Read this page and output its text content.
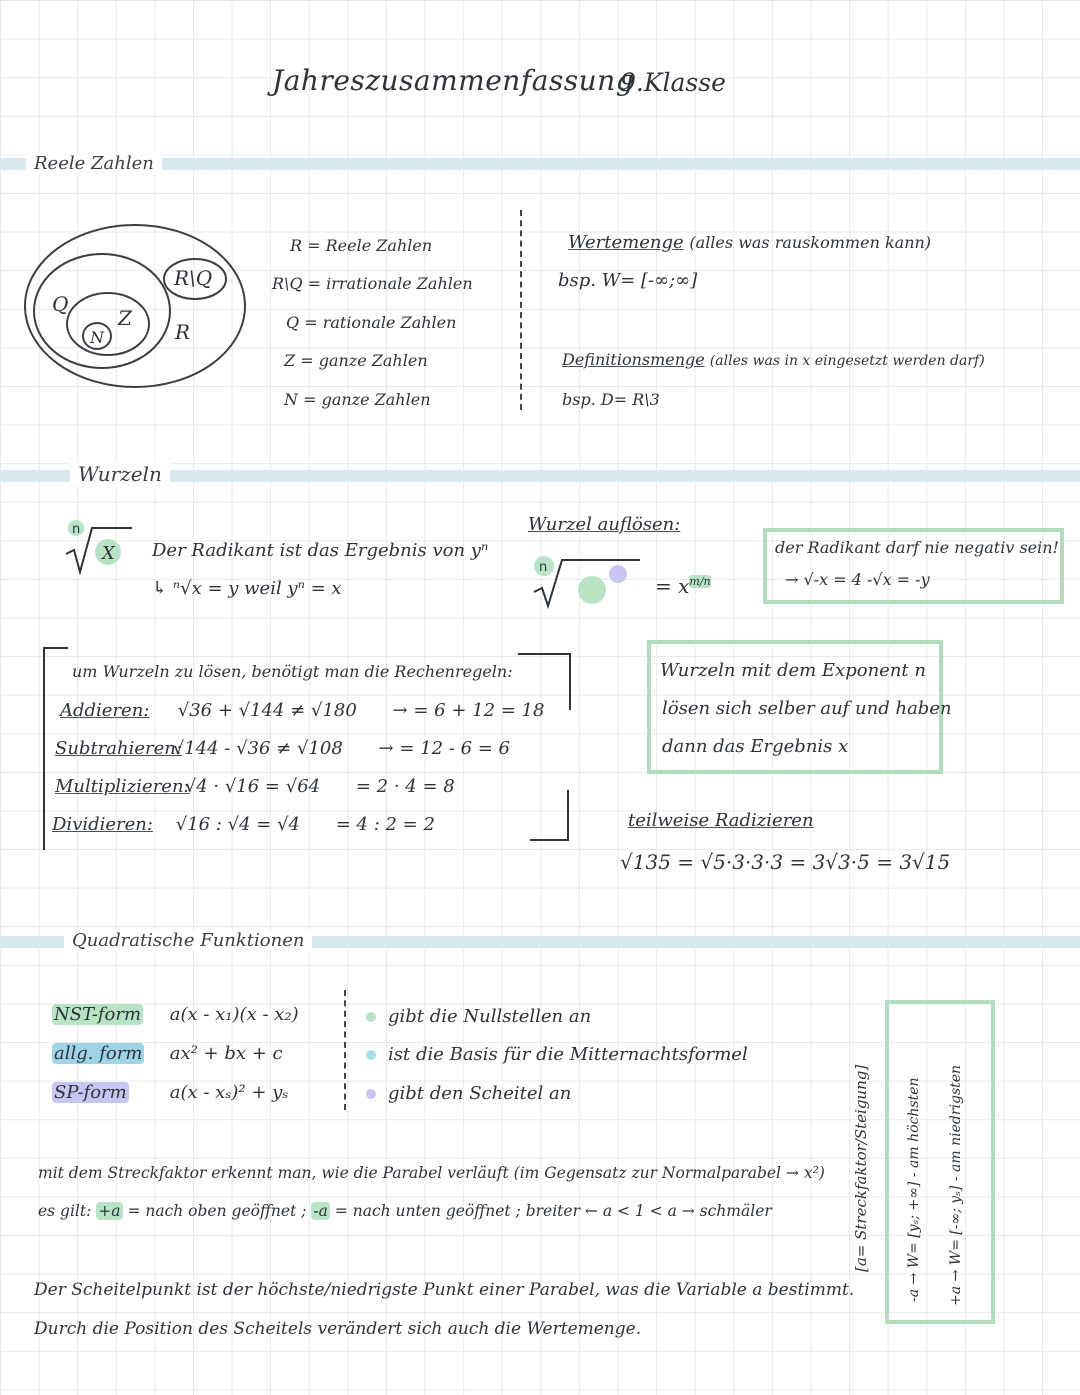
Jahreszusammenfassung
9.Klasse
Reele Zahlen
Q
N
Z
R\Q
R
R = Reele Zahlen
R\Q = irrationale Zahlen
Q = rationale Zahlen
Z = ganze Zahlen
N = ganze Zahlen
Wertemenge (alles was rauskommen kann)
bsp. W= [-∞;∞]
Definitionsmenge (alles was in x eingesetzt werden darf)
bsp. D= R\3
Wurzeln
n
X Der Radikant ist das Ergebnis von yⁿ
↳ ⁿ√x = y weil yⁿ = x
Wurzel auflösen:
n
= $x^{m/n}$
der Radikant darf nie negativ sein!
→ √-x = 4 -√x = -y
um Wurzeln zu lösen, benötigt man die Rechenregeln:
Addieren: √36 + √144 ≠ √180 → = 6 + 12 = 18
Subtrahieren: √144 - √36 ≠ √108 → = 12 - 6 = 6
Multiplizieren: √4 · √16 = √64 = 2 · 4 = 8
Dividieren: √16 : √4 = √4 = 4 : 2 = 2
Wurzeln mit dem Exponent n
lösen sich selber auf und haben
dann das Ergebnis x
teilweise Radizieren
√135 = √5·3·3·3 = 3√3·5 = 3√15
Quadratische Funktionen
NST-form a(x - x₁)(x - x₂)
allg. form ax² + bx + c
SP-form a(x - xₛ)² + yₛ
gibt die Nullstellen an
ist die Basis für die Mitternachtsformel
gibt den Scheitel an
mit dem Streckfaktor erkennt man, wie die Parabel verläuft (im Gegensatz zur Normalparabel → x²)
es gilt: +a = nach oben geöffnet ; -a = nach unten geöffnet ; breiter ← a < 1 < a → schmäler
Der Scheitelpunkt ist der höchste/niedrigste Punkt einer Parabel, was die Variable a bestimmt.
Durch die Position des Scheitels verändert sich auch die Wertemenge.
[a= Streckfaktor/Steigung]	-a → W= [yₛ; +∞] - am höchsten +a → W= [-∞; yₛ] - am niedrigsten
